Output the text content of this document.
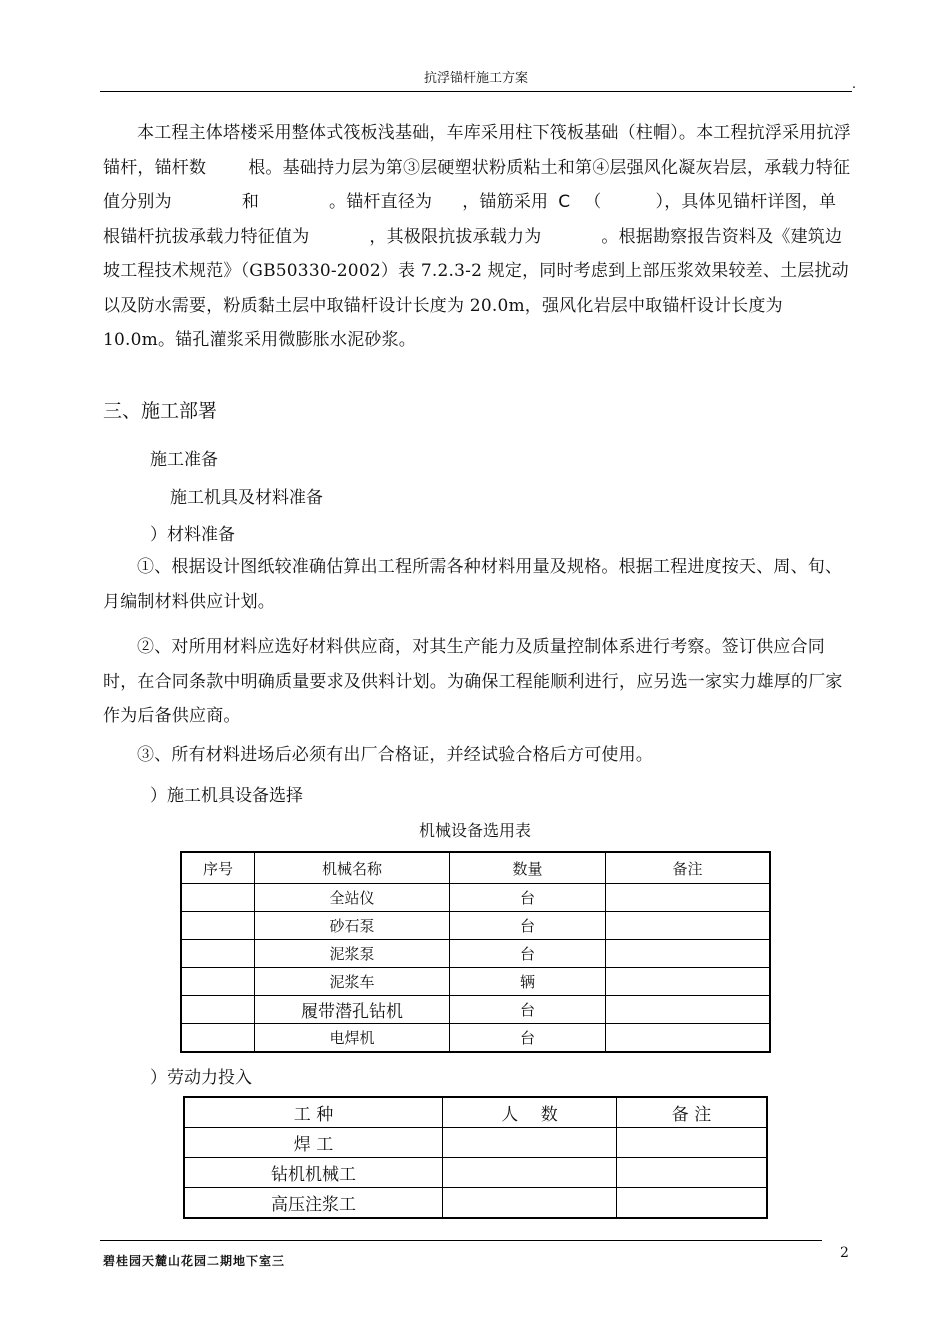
抗浮锚杆施工方案	.
本工程主体塔楼采用整体式筏板浅基础，车库采用柱下筏板基础（柱帽）。本工程抗浮采用抗浮锚杆，锚杆数 根。基础持力层为第③层硬塑状粉质粘土和第④层强风化凝灰岩层，承载力特征值分别为	和	。锚杆直径为 ，锚筋采用 C （	），具体见锚杆详图，单根锚杆抗拔承载力特征值为	，其极限抗拔承载力为	。根据勘察报告资料及《建筑边坡工程技术规范》（GB50330-2002）表 7.2.3-2 规定，同时考虑到上部压浆效果较差、土层扰动以及防水需要，粉质黏土层中取锚杆设计长度为 20.0m，强风化岩层中取锚杆设计长度为 10.0m。锚孔灌浆采用微膨胀水泥砂浆。
三、施工部署
施工准备
施工机具及材料准备
）材料准备
①、根据设计图纸较准确估算出工程所需各种材料用量及规格。根据工程进度按天、周、旬、月编制材料供应计划。
②、对所用材料应选好材料供应商，对其生产能力及质量控制体系进行考察。签订供应合同时，在合同条款中明确质量要求及供料计划。为确保工程能顺利进行，应另选一家实力雄厚的厂家作为后备供应商。
③、所有材料进场后必须有出厂合格证，并经试验合格后方可使用。
）施工机具设备选择
机械设备选用表
序号	机械名称	数量	备注
	全站仪	台	
	砂石泵	台	
	泥浆泵	台	
	泥浆车	辆	
	履带潜孔钻机	台	
	电焊机	台	
）劳动力投入
工 种	人　 数	备 注
焊 工		
钻机机械工		
高压注浆工		
碧桂园天麓山花园二期地下室三	2
